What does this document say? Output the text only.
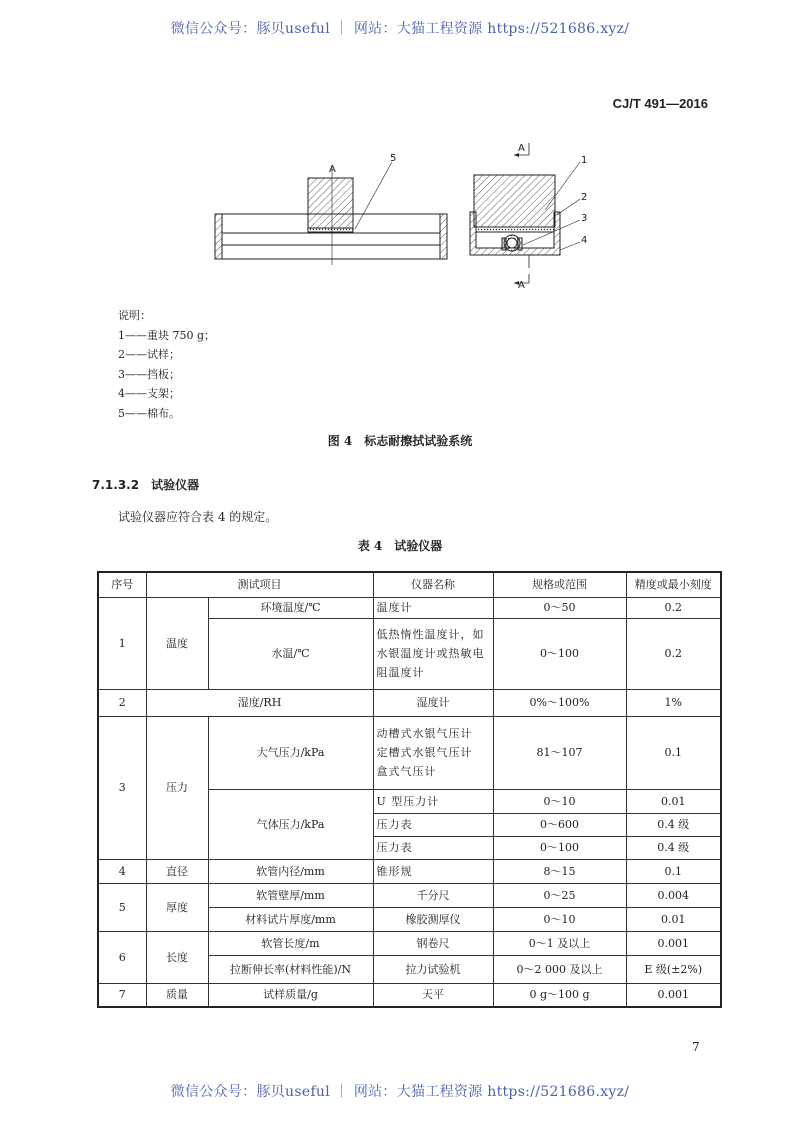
微信公众号：豚贝useful ｜ 网站：大猫工程资源 https://521686.xyz/
CJ/T 491—2016
A
5
A
A
1
2
3
4
说明：
1——重块 750 g；
2——试样；
3——挡板；
4——支架；
5——棉布。
图 4　标志耐擦拭试验系统
7.1.3.2　试验仪器
试验仪器应符合表 4 的规定。
表 4　试验仪器
序号	测试项目		仪器名称	规格或范围	精度或最小刻度
1	温度	环境温度/℃	温度计	0～50	0.2
		水温/℃	低热惰性温度计，如水银温度计或热敏电阻温度计	0～100	0.2
2	湿度/RH		湿度计	0%～100%	1%
3	压力	大气压力/kPa	动槽式水银气压计
定槽式水银气压计
盒式气压计	81～107	0.1
		气体压力/kPa	U 型压力计	0～10	0.01
			压力表	0～600	0.4 级
			压力表	0～100	0.4 级
4	直径	软管内径/mm	锥形规	8～15	0.1
5	厚度	软管壁厚/mm	千分尺	0～25	0.004
		材料试片厚度/mm	橡胶测厚仪	0～10	0.01
6	长度	软管长度/m	钢卷尺	0～1 及以上	0.001
		拉断伸长率(材料性能)/N	拉力试验机	0～2 000 及以上	E 级(±2%)
7	质量	试样质量/g	天平	0 g～100 g	0.001
7
微信公众号：豚贝useful ｜ 网站：大猫工程资源 https://521686.xyz/
